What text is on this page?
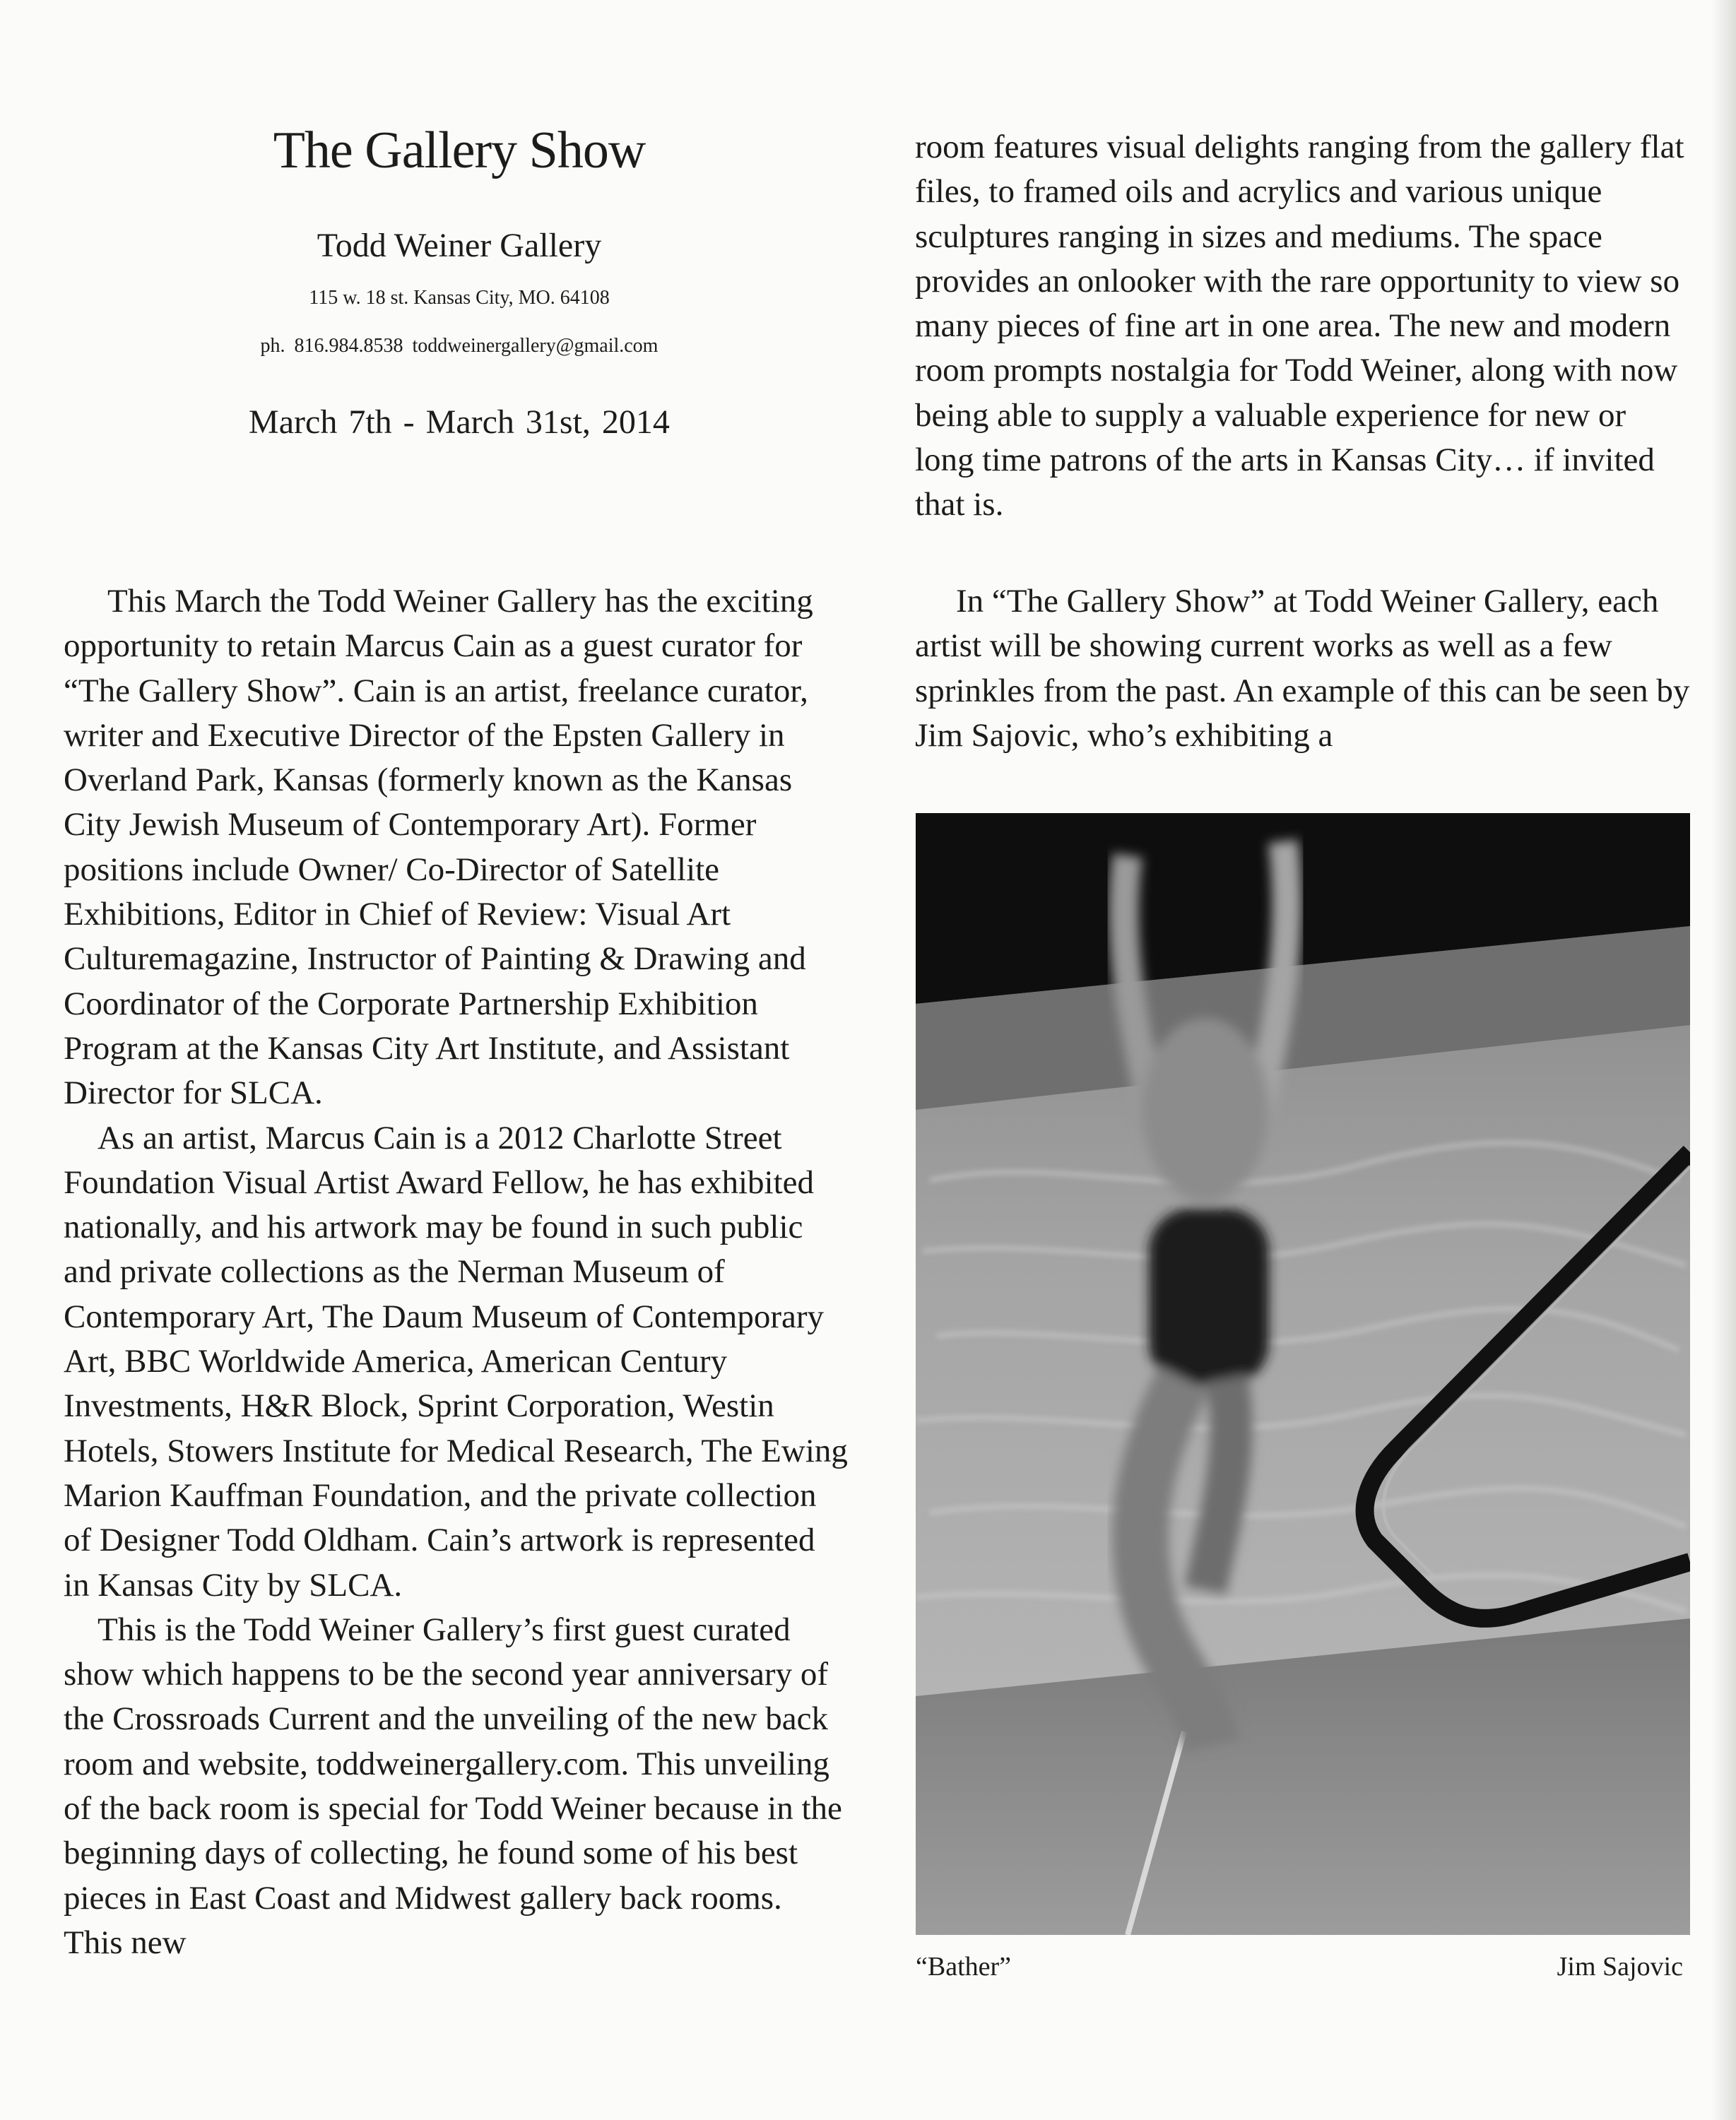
The Gallery Show
Todd Weiner Gallery
115 w. 18 st. Kansas City, MO. 64108
ph. 816.984.8538 toddweinergallery@gmail.com
March 7th - March 31st, 2014

This March the Todd Weiner Gallery has the exciting opportunity to retain Marcus Cain as a guest curator for “The Gallery Show”. Cain is an artist, freelance curator, writer and Executive Director of the Epsten Gallery in Overland Park, Kansas (formerly known as the Kansas City Jewish Museum of Contemporary Art). Former positions include Owner/ Co-Director of Satellite Exhibitions, Editor in Chief of Review: Visual Art Culturemagazine, Instructor of Painting & Drawing and Coordinator of the Corporate Partnership Exhibition Program at the Kansas City Art Institute, and Assistant Director for SLCA.

As an artist, Marcus Cain is a 2012 Charlotte Street Foundation Visual Artist Award Fellow, he has exhibited nationally, and his artwork may be found in such public and private collections as the Nerman Museum of Contemporary Art, The Daum Museum of Contemporary Art, BBC Worldwide America, American Century Investments, H&R Block, Sprint Corporation, Westin Hotels, Stowers Institute for Medical Research, The Ewing Marion Kauffman Foundation, and the private collection of Designer Todd Oldham. Cain’s artwork is represented in Kansas City by SLCA.

This is the Todd Weiner Gallery’s first guest curated show which happens to be the second year anniversary of the Crossroads Current and the unveiling of the new back room and website, toddweinergallery.com. This unveiling of the back room is special for Todd Weiner because in the beginning days of collecting, he found some of his best pieces in East Coast and Midwest gallery back rooms. This new

room features visual delights ranging from the gallery flat files, to framed oils and acrylics and various unique sculptures ranging in sizes and mediums. The space provides an onlooker with the rare opportunity to view so many pieces of fine art in one area. The new and modern room prompts nostalgia for Todd Weiner, along with now being able to supply a valuable experience for new or long time patrons of the arts in Kansas City… if invited that is.

In “The Gallery Show” at Todd Weiner Gallery, each artist will be showing current works as well as a few sprinkles from the past. An example of this can be seen by Jim Sajovic, who’s exhibiting a

“Bather”	Jim Sajovic
